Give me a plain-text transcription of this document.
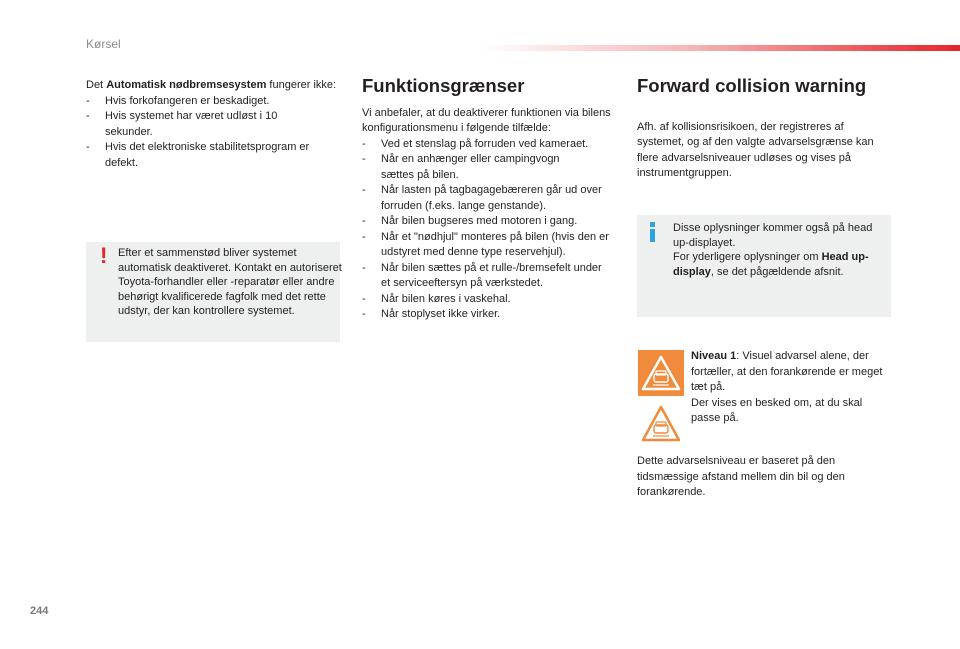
Kørsel

Det Automatisk nødbremsesystem fungerer ikke:

- Hvis forkofangeren er beskadiget.
- Hvis systemet har været udløst i 10 sekunder.
- Hvis det elektroniske stabilitetsprogram er defekt.
! Efter et sammenstød bliver systemet automatisk deaktiveret. Kontakt en autoriseret Toyota-forhandler eller -reparatør eller andre behørigt kvalificerede fagfolk med det rette udstyr, der kan kontrollere systemet.
Funktionsgrænser

Vi anbefaler, at du deaktiverer funktionen via bilens konfigurationsmenu i følgende tilfælde:

- Ved et stenslag på forruden ved kameraet.
- Når en anhænger eller campingvogn sættes på bilen.
- Når lasten på tagbagagebæreren går ud over forruden (f.eks. lange genstande).
- Når bilen bugseres med motoren i gang.
- Når et "nødhjul" monteres på bilen (hvis den er udstyret med denne type reservehjul).
- Når bilen sættes på et rulle-/bremsefelt under et serviceeftersyn på værkstedet.
- Når bilen køres i vaskehal.
- Når stoplyset ikke virker.
Forward collision warning

Afh. af kollisionsrisikoen, der registreres af systemet, og af den valgte advarselsgrænse kan flere advarselsniveauer udløses og vises på instrumentgruppen.

Disse oplysninger kommer også på head up-displayet.
For yderligere oplysninger om Head up-display, se det pågældende afsnit.

Niveau 1: Visuel advarsel alene, der fortæller, at den forankørende er meget tæt på.

Der vises en besked om, at du skal passe på.

Dette advarselsniveau er baseret på den tidsmæssige afstand mellem din bil og den forankørende.

244
